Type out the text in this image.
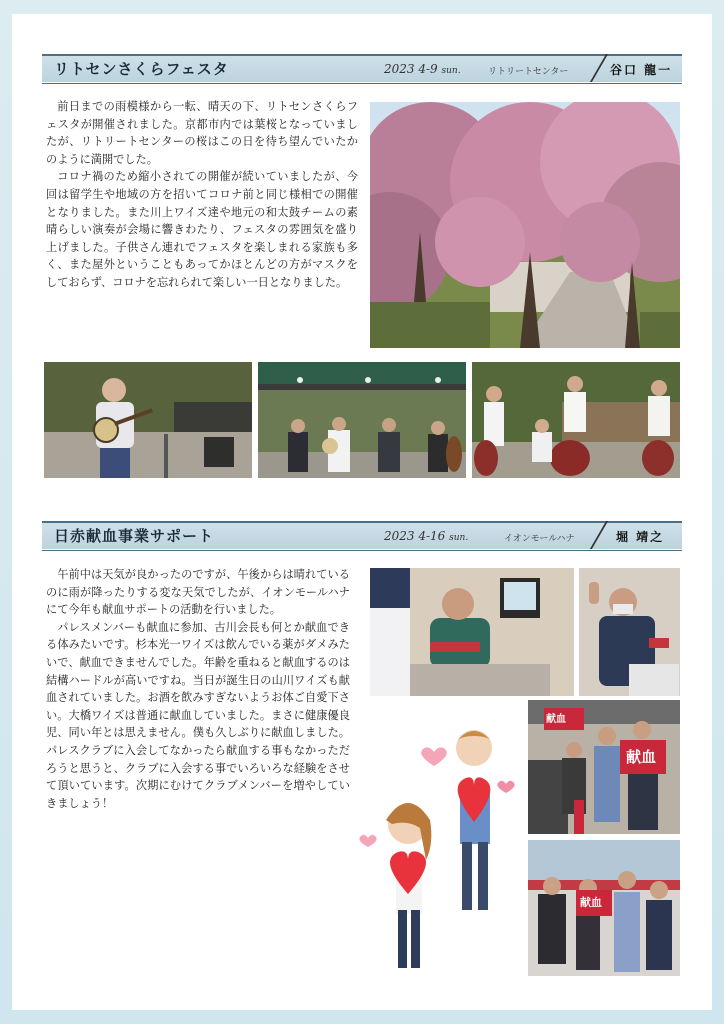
リトセンさくらフェスタ	2023 4-9 sun.	リトリートセンター	谷口 龍一

前日までの雨模様から一転、晴天の下、リトセンさくらフェスタが開催されました。京都市内では葉桜となっていましたが、リトリートセンターの桜はこの日を待ち望んでいたかのように満開でした。

コロナ禍のため縮小されての開催が続いていましたが、今回は留学生や地域の方を招いてコロナ前と同じ様相での開催となりました。また川上ワイズ達や地元の和太鼓チームの素晴らしい演奏が会場に響きわたり、フェスタの雰囲気を盛り上げました。子供さん連れでフェスタを楽しまれる家族も多く、また屋外ということもあってかほとんどの方がマスクをしておらず、コロナを忘れられて楽しい一日となりました。

日赤献血事業サポート	2023 4-16 sun.	イオンモールハナ	堀 靖之

午前中は天気が良かったのですが、午後からは晴れているのに雨が降ったりする変な天気でしたが、イオンモールハナにて今年も献血サポートの活動を行いました。

パレスメンバーも献血に参加、古川会長も何とか献血できる体みたいです。杉本光一ワイズは飲んでいる薬がダメみたいで、献血できませんでした。年齢を重ねると献血するのは結構ハードルが高いですね。当日が誕生日の山川ワイズも献血されていました。お酒を飲みすぎないようお体ご自愛下さい。大橋ワイズは普通に献血していました。まさに健康優良児、同い年とは思えません。僕も久しぶりに献血しました。パレスクラブに入会してなかったら献血する事もなかっただろうと思うと、クラブに入会する事でいろいろな経験をさせて頂いています。次期にむけてクラブメンバーを増やしていきましょう！

献血
献血
献血
